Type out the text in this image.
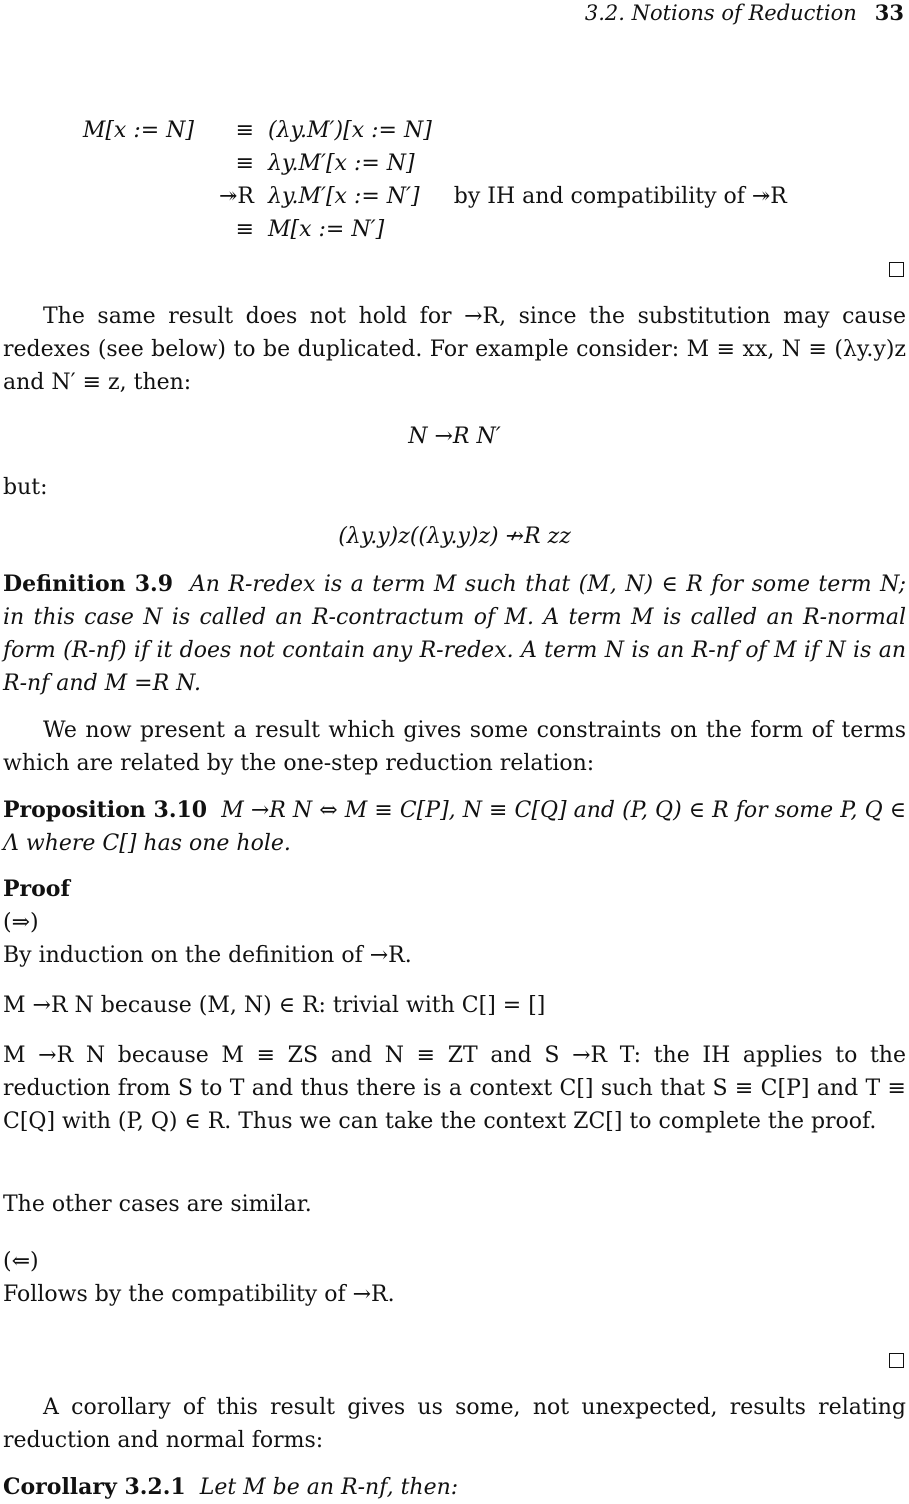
3.2. Notions of Reduction 33
M[x := N]	≡	(λy.M′)[x := N]	
	≡	λy.M′[x := N]	
	↠R	λy.M′[x := N′]	by IH and compatibility of ↠R
	≡	M[x := N′]	

The same result does not hold for →R, since the substitution may cause redexes (see below) to be duplicated. For example consider: M ≡ xx, N ≡ (λy.y)z and N′ ≡ z, then:

N →R N′

but:

(λy.y)z((λy.y)z) ↛R zz

Definition 3.9 An R-redex is a term M such that (M, N) ∈ R for some term N; in this case N is called an R-contractum of M. A term M is called an R-normal form (R-nf) if it does not contain any R-redex. A term N is an R-nf of M if N is an R-nf and M =R N.

We now present a result which gives some constraints on the form of terms which are related by the one-step reduction relation:

Proposition 3.10 M →R N ⇔ M ≡ C[P], N ≡ C[Q] and (P, Q) ∈ R for some P, Q ∈ Λ where C[] has one hole.

Proof

(⇒)

By induction on the definition of →R.

M →R N because (M, N) ∈ R: trivial with C[] = []

M →R N because M ≡ ZS and N ≡ ZT and S →R T: the IH applies to the reduction from S to T and thus there is a context C[] such that S ≡ C[P] and T ≡ C[Q] with (P, Q) ∈ R. Thus we can take the context ZC[] to complete the proof.

The other cases are similar.

(⇐)

Follows by the compatibility of →R.

A corollary of this result gives us some, not unexpected, results relating reduction and normal forms:

Corollary 3.2.1 Let M be an R-nf, then:
